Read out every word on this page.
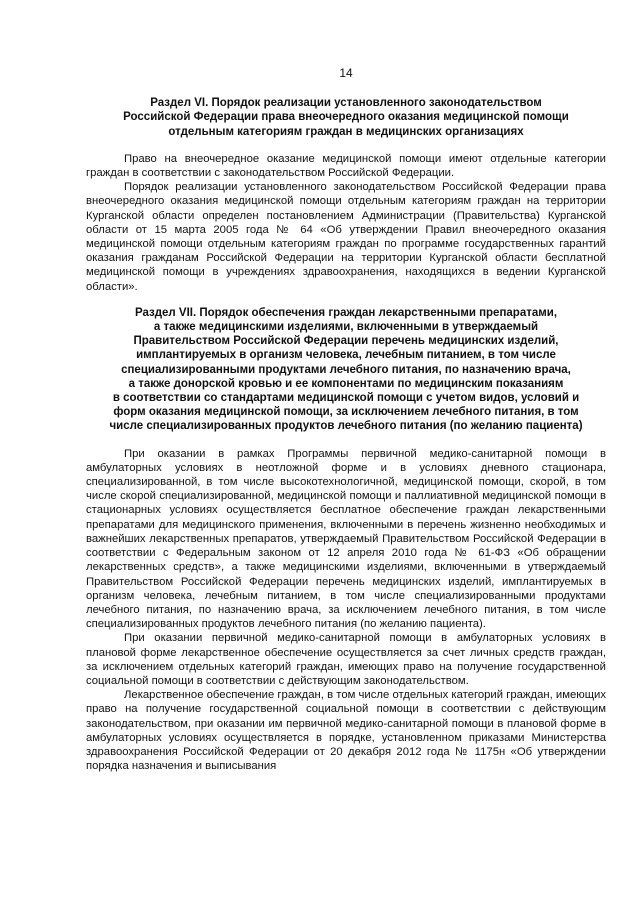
14
Раздел VI. Порядок реализации установленного законодательством
Российской Федерации права внеочередного оказания медицинской помощи
отдельным категориям граждан в медицинских организациях

Право на внеочередное оказание медицинской помощи имеют отдельные категории граждан в соответствии с законодательством Российской Федерации.

Порядок реализации установленного законодательством Российской Федерации права внеочередного оказания медицинской помощи отдельным категориям граждан на территории Курганской области определен постановлением Администрации (Правительства) Курганской области от 15 марта 2005 года № 64 «Об утверждении Правил внеочередного оказания медицинской помощи отдельным категориям граждан по программе государственных гарантий оказания гражданам Российской Федерации на территории Курганской области бесплатной медицинской помощи в учреждениях здравоохранения, находящихся в ведении Курганской области».

Раздел VII. Порядок обеспечения граждан лекарственными препаратами,
а также медицинскими изделиями, включенными в утверждаемый
Правительством Российской Федерации перечень медицинских изделий,
имплантируемых в организм человека, лечебным питанием, в том числе
специализированными продуктами лечебного питания, по назначению врача,
а также донорской кровью и ее компонентами по медицинским показаниям
в соответствии со стандартами медицинской помощи с учетом видов, условий и
форм оказания медицинской помощи, за исключением лечебного питания, в том
числе специализированных продуктов лечебного питания (по желанию пациента)

При оказании в рамках Программы первичной медико-санитарной помощи в амбулаторных условиях в неотложной форме и в условиях дневного стационара, специализированной, в том числе высокотехнологичной, медицинской помощи, скорой, в том числе скорой специализированной, медицинской помощи и паллиативной медицинской помощи в стационарных условиях осуществляется бесплатное обеспечение граждан лекарственными препаратами для медицинского применения, включенными в перечень жизненно необходимых и важнейших лекарственных препаратов, утверждаемый Правительством Российской Федерации в соответствии с Федеральным законом от 12 апреля 2010 года № 61-ФЗ «Об обращении лекарственных средств», а также медицинскими изделиями, включенными в утверждаемый Правительством Российской Федерации перечень медицинских изделий, имплантируемых в организм человека, лечебным питанием, в том числе специализированными продуктами лечебного питания, по назначению врача, за исключением лечебного питания, в том числе специализированных продуктов лечебного питания (по желанию пациента).

При оказании первичной медико-санитарной помощи в амбулаторных условиях в плановой форме лекарственное обеспечение осуществляется за счет личных средств граждан, за исключением отдельных категорий граждан, имеющих право на получение государственной социальной помощи в соответствии с действующим законодательством.

Лекарственное обеспечение граждан, в том числе отдельных категорий граждан, имеющих право на получение государственной социальной помощи в соответствии с действующим законодательством, при оказании им первичной медико-санитарной помощи в плановой форме в амбулаторных условиях осуществляется в порядке, установленном приказами Министерства здравоохранения Российской Федерации от 20 декабря 2012 года № 1175н «Об утверждении порядка назначения и выписывания
